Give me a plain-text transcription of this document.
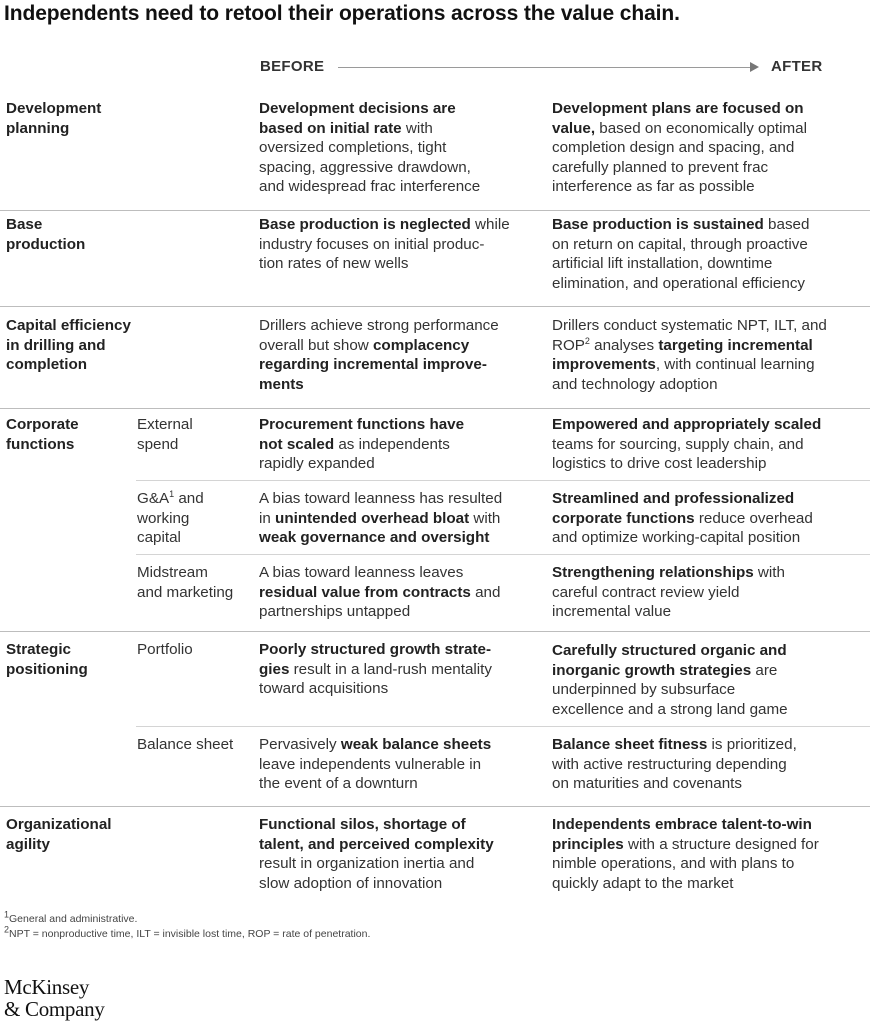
Independents need to retool their operations across the value chain.
BEFORE	AFTER
Development
planning
Development decisions are
based on initial rate with
oversized completions, tight
spacing, aggressive drawdown,
and widespread frac interference
Development plans are focused on
value, based on economically optimal
completion design and spacing, and
carefully planned to prevent frac
interference as far as possible
Base
production
Base production is neglected while
industry focuses on initial produc-
tion rates of new wells
Base production is sustained based
on return on capital, through proactive
artificial lift installation, downtime
elimination, and operational efficiency
Capital efficiency
in drilling and
completion
Drillers achieve strong performance
overall but show complacency
regarding incremental improve-
ments
Drillers conduct systematic NPT, ILT, and
ROP$^2$ analyses targeting incremental
improvements, with continual learning
and technology adoption
Corporate
functions
External
spend
Procurement functions have
not scaled as independents
rapidly expanded
Empowered and appropriately scaled
teams for sourcing, supply chain, and
logistics to drive cost leadership
$G\&A^1$ and
working
capital
A bias toward leanness has resulted
in unintended overhead bloat with
weak governance and oversight
Streamlined and professionalized
corporate functions reduce overhead
and optimize working-capital position
Midstream
and marketing
A bias toward leanness leaves
residual value from contracts and
partnerships untapped
Strengthening relationships with
careful contract review yield
incremental value
Strategic
positioning
Portfolio	Poorly structured growth strate-
gies result in a land-rush mentality
toward acquisitions
Carefully structured organic and
inorganic growth strategies are
underpinned by subsurface
excellence and a strong land game
Balance sheet Pervasively weak balance sheets
leave independents vulnerable in
the event of a downturn
Balance sheet fitness is prioritized,
with active restructuring depending
on maturities and covenants
Organizational
agility
Functional silos, shortage of
talent, and perceived complexity
result in organization inertia and
slow adoption of innovation
Independents embrace talent-to-win
principles with a structure designed for
nimble operations, and with plans to
quickly adapt to the market
$^1$General and administrative.
$^2$NPT = nonproductive time, ILT = invisible lost time, ROP = rate of penetration.
McKinsey
& Company
